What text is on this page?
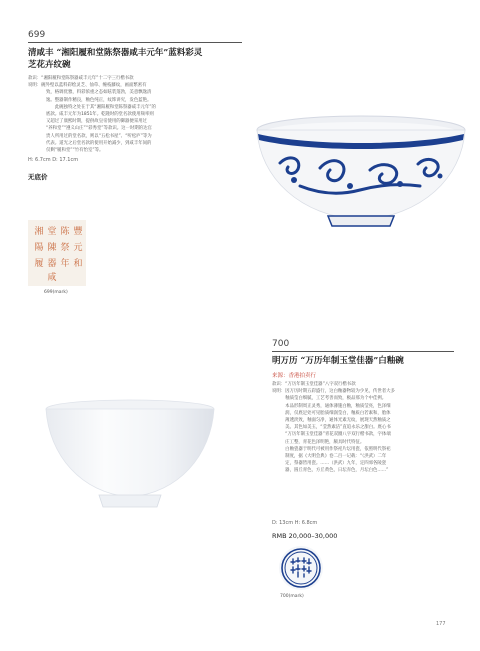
699
清咸丰 “湘阳履和堂陈祭器咸丰元年”蓝料彩灵
芝花卉纹碗
款识：“湘阳履和堂陈祭器咸丰元年”十二字三行楷书款
说明：碗外壁以蓝料彩绘灵芝、仙草、缠枝藤纹，画面繁密有
致，格调优雅，料彩浓重之态如眩装蓬勃，美意飘逸清
逸。整器制作精良，釉色纯正，纹饰讲究，发色蓝艳。
　　此碗独特之处在于其“湘阳履和堂陈祭器咸丰元年”的
底款。咸丰元年为1851年。乾隆时的堂名款使用频率则
又超过了康熙时期，提供故皇帝使用的御器便采用过
“养和堂”“遵义山庄”“彩秀堂”等款识。这一时期的达官
贵人所用过的堂名款，则以“五松书屋”、“听松庐”等为
代表。道光之后堂名款的使用开始减少，到咸丰年间的
仅剩“履和堂”“竹有怡室”等。
H: 6.7cm D: 17.1cm
无底价
湘 堂 陈 豐
陽 陳 祭 元
履 器 年 和
咸
699(mark)
700
明万历 “万历年制玉堂佳器”白釉碗
来源：香港拍卖行
款识：“万历年制玉堂佳器”八字双行楷书款
说明：因万历时期五彩盛行，这白釉器物较为少见，传世者大多
　　　釉质莹白细腻，工艺考善而致，极品那为个中佳例。
　　　本品形制周正灵秀，通体薄施白釉，釉质莹亮，色泽细
　　　润，仅底足处可见胎质细润莹白，釉质白若素和，胎体
　　　薄透淡致，釉面匀净，通体光素无纹，展现天然釉质之
　　　美。其色如美玉，“莹然素洁”直追永乐之甜白。底心书
　　　“万历年制玉堂佳器”青花双圈八字双行楷书款，字体端
　　　庄工整，青花色泽明艳，颇具时代特征。
　　　白釉瓷器于明代可被用作祭祀片坛用瓷，依照明代祭祀
　　　制度，据《大明会典》卷二百一记载：“（洪武）二年
　　　定，祭器皆用瓷。……（洪武）九年，定四郊各陵瓷
　　　器，圆丘青色，方丘黄色，日坛赤色，月坛白色……”
D: 13cm H: 6.8cm
RMB 20,000–30,000
700(mark)
177
